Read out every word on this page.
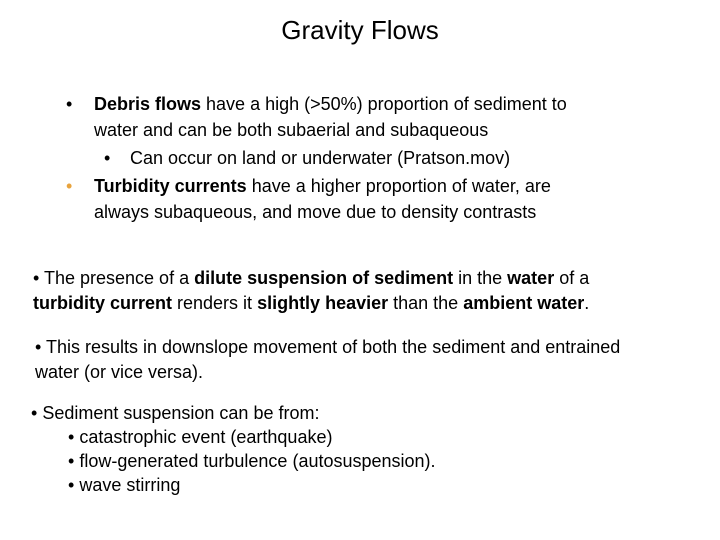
Gravity Flows
• Debris flows have a high (>50%) proportion of sediment to
water and can be both subaerial and subaqueous
• Can occur on land or underwater (Pratson.mov)
• Turbidity currents have a higher proportion of water, are
always subaqueous, and move due to density contrasts
• The presence of a dilute suspension of sediment in the water of a
turbidity current renders it slightly heavier than the ambient water.
• This results in downslope movement of both the sediment and entrained
water (or vice versa).
• Sediment suspension can be from:
• catastrophic event (earthquake)
• flow-generated turbulence (autosuspension).
• wave stirring
